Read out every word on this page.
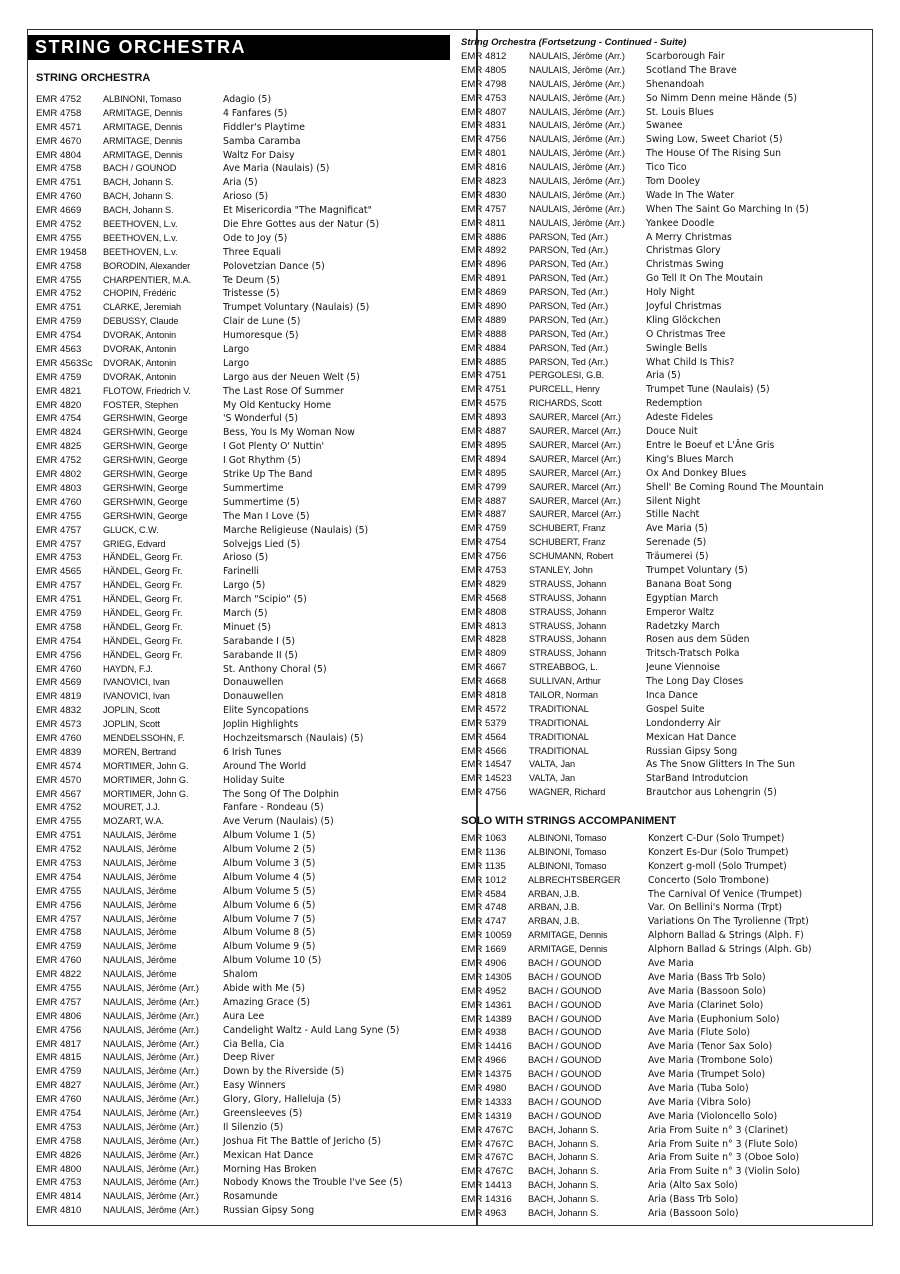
STRING ORCHESTRA
STRING ORCHESTRA
EMR 4752	ALBINONI, Tomaso	Adagio (5)
EMR 4758	ARMITAGE, Dennis	4 Fanfares (5)
EMR 4571	ARMITAGE, Dennis	Fiddler's Playtime
EMR 4670	ARMITAGE, Dennis	Samba Caramba
EMR 4804	ARMITAGE, Dennis	Waltz For Daisy
EMR 4758	BACH / GOUNOD	Ave Maria (Naulais) (5)
EMR 4751	BACH, Johann S.	Aria (5)
EMR 4760	BACH, Johann S.	Arioso (5)
EMR 4669	BACH, Johann S.	Et Misericordia "The Magnificat"
EMR 4752	BEETHOVEN, L.v.	Die Ehre Gottes aus der Natur (5)
EMR 4755	BEETHOVEN, L.v.	Ode to Joy (5)
EMR 19458	BEETHOVEN, L.v.	Three Equali
EMR 4758	BORODIN, Alexander	Polovetzian Dance (5)
EMR 4755	CHARPENTIER, M.A.	Te Deum (5)
EMR 4752	CHOPIN, Frédéric	Tristesse (5)
EMR 4751	CLARKE, Jeremiah	Trumpet Voluntary (Naulais) (5)
EMR 4759	DEBUSSY, Claude	Clair de Lune (5)
EMR 4754	DVORAK, Antonin	Humoresque (5)
EMR 4563	DVORAK, Antonin	Largo
EMR 4563Sc	DVORAK, Antonin	Largo
EMR 4759	DVORAK, Antonin	Largo aus der Neuen Welt (5)
EMR 4821	FLOTOW, Friedrich V.	The Last Rose Of Summer
EMR 4820	FOSTER, Stephen	My Old Kentucky Home
EMR 4754	GERSHWIN, George	'S Wonderful (5)
EMR 4824	GERSHWIN, George	Bess, You Is My Woman Now
EMR 4825	GERSHWIN, George	I Got Plenty O' Nuttin'
EMR 4752	GERSHWIN, George	I Got Rhythm (5)
EMR 4802	GERSHWIN, George	Strike Up The Band
EMR 4803	GERSHWIN, George	Summertime
EMR 4760	GERSHWIN, George	Summertime (5)
EMR 4755	GERSHWIN, George	The Man I Love (5)
EMR 4757	GLUCK, C.W.	Marche Religieuse (Naulais) (5)
EMR 4757	GRIEG, Edvard	Solvejgs Lied (5)
EMR 4753	HÄNDEL, Georg Fr.	Arioso (5)
EMR 4565	HÄNDEL, Georg Fr.	Farinelli
EMR 4757	HÄNDEL, Georg Fr.	Largo (5)
EMR 4751	HÄNDEL, Georg Fr.	March "Scipio" (5)
EMR 4759	HÄNDEL, Georg Fr.	March (5)
EMR 4758	HÄNDEL, Georg Fr.	Minuet (5)
EMR 4754	HÄNDEL, Georg Fr.	Sarabande I (5)
EMR 4756	HÄNDEL, Georg Fr.	Sarabande II (5)
EMR 4760	HAYDN, F.J.	St. Anthony Choral (5)
EMR 4569	IVANOVICI, Ivan	Donauwellen
EMR 4819	IVANOVICI, Ivan	Donauwellen
EMR 4832	JOPLIN, Scott	Elite Syncopations
EMR 4573	JOPLIN, Scott	Joplin Highlights
EMR 4760	MENDELSSOHN, F.	Hochzeitsmarsch (Naulais) (5)
EMR 4839	MOREN, Bertrand	6 Irish Tunes
EMR 4574	MORTIMER, John G.	Around The World
EMR 4570	MORTIMER, John G.	Holiday Suite
EMR 4567	MORTIMER, John G.	The Song Of The Dolphin
EMR 4752	MOURET, J.J.	Fanfare - Rondeau (5)
EMR 4755	MOZART, W.A.	Ave Verum (Naulais) (5)
EMR 4751	NAULAIS, Jérôme	Album Volume 1 (5)
EMR 4752	NAULAIS, Jérôme	Album Volume 2 (5)
EMR 4753	NAULAIS, Jérôme	Album Volume 3 (5)
EMR 4754	NAULAIS, Jérôme	Album Volume 4 (5)
EMR 4755	NAULAIS, Jérôme	Album Volume 5 (5)
EMR 4756	NAULAIS, Jérôme	Album Volume 6 (5)
EMR 4757	NAULAIS, Jérôme	Album Volume 7 (5)
EMR 4758	NAULAIS, Jérôme	Album Volume 8 (5)
EMR 4759	NAULAIS, Jérôme	Album Volume 9 (5)
EMR 4760	NAULAIS, Jérôme	Album Volume 10 (5)
EMR 4822	NAULAIS, Jérôme	Shalom
EMR 4755	NAULAIS, Jérôme (Arr.)	Abide with Me (5)
EMR 4757	NAULAIS, Jérôme (Arr.)	Amazing Grace (5)
EMR 4806	NAULAIS, Jérôme (Arr.)	Aura Lee
EMR 4756	NAULAIS, Jérôme (Arr.)	Candelight Waltz - Auld Lang Syne (5)
EMR 4817	NAULAIS, Jérôme (Arr.)	Cia Bella, Cia
EMR 4815	NAULAIS, Jérôme (Arr.)	Deep River
EMR 4759	NAULAIS, Jérôme (Arr.)	Down by the Riverside (5)
EMR 4827	NAULAIS, Jérôme (Arr.)	Easy Winners
EMR 4760	NAULAIS, Jérôme (Arr.)	Glory, Glory, Halleluja (5)
EMR 4754	NAULAIS, Jérôme (Arr.)	Greensleeves (5)
EMR 4753	NAULAIS, Jérôme (Arr.)	Il Silenzio (5)
EMR 4758	NAULAIS, Jérôme (Arr.)	Joshua Fit The Battle of Jericho (5)
EMR 4826	NAULAIS, Jérôme (Arr.)	Mexican Hat Dance
EMR 4800	NAULAIS, Jérôme (Arr.)	Morning Has Broken
EMR 4753	NAULAIS, Jérôme (Arr.)	Nobody Knows the Trouble I've See (5)
EMR 4814	NAULAIS, Jérôme (Arr.)	Rosamunde
EMR 4810	NAULAIS, Jérôme (Arr.)	Russian Gipsy Song
String Orchestra (Fortsetzung - Continued - Suite)
EMR 4812	NAULAIS, Jérôme (Arr.)	Scarborough Fair
EMR 4805	NAULAIS, Jérôme (Arr.)	Scotland The Brave
EMR 4798	NAULAIS, Jérôme (Arr.)	Shenandoah
EMR 4753	NAULAIS, Jérôme (Arr.)	So Nimm Denn meine Hände (5)
EMR 4807	NAULAIS, Jérôme (Arr.)	St. Louis Blues
EMR 4831	NAULAIS, Jérôme (Arr.)	Swanee
EMR 4756	NAULAIS, Jérôme (Arr.)	Swing Low, Sweet Chariot (5)
EMR 4801	NAULAIS, Jérôme (Arr.)	The House Of The Rising Sun
EMR 4816	NAULAIS, Jérôme (Arr.)	Tico Tico
EMR 4823	NAULAIS, Jérôme (Arr.)	Tom Dooley
EMR 4830	NAULAIS, Jérôme (Arr.)	Wade In The Water
EMR 4757	NAULAIS, Jérôme (Arr.)	When The Saint Go Marching In (5)
EMR 4811	NAULAIS, Jérôme (Arr.)	Yankee Doodle
EMR 4886	PARSON, Ted (Arr.)	A Merry Christmas
EMR 4892	PARSON, Ted (Arr.)	Christmas Glory
EMR 4896	PARSON, Ted (Arr.)	Christmas Swing
EMR 4891	PARSON, Ted (Arr.)	Go Tell It On The Moutain
EMR 4869	PARSON, Ted (Arr.)	Holy Night
EMR 4890	PARSON, Ted (Arr.)	Joyful Christmas
EMR 4889	PARSON, Ted (Arr.)	Kling Glöckchen
EMR 4888	PARSON, Ted (Arr.)	O Christmas Tree
EMR 4884	PARSON, Ted (Arr.)	Swingle Bells
EMR 4885	PARSON, Ted (Arr.)	What Child Is This?
EMR 4751	PERGOLESI, G.B.	Aria (5)
EMR 4751	PURCELL, Henry	Trumpet Tune (Naulais) (5)
EMR 4575	RICHARDS, Scott	Redemption
EMR 4893	SAURER, Marcel (Arr.)	Adeste Fideles
EMR 4887	SAURER, Marcel (Arr.)	Douce Nuit
EMR 4895	SAURER, Marcel (Arr.)	Entre le Boeuf et L'Âne Gris
EMR 4894	SAURER, Marcel (Arr.)	King's Blues March
EMR 4895	SAURER, Marcel (Arr.)	Ox And Donkey Blues
EMR 4799	SAURER, Marcel (Arr.)	Shell' Be Coming Round The Mountain
EMR 4887	SAURER, Marcel (Arr.)	Silent Night
EMR 4887	SAURER, Marcel (Arr.)	Stille Nacht
EMR 4759	SCHUBERT, Franz	Ave Maria (5)
EMR 4754	SCHUBERT, Franz	Serenade (5)
EMR 4756	SCHUMANN, Robert	Träumerei (5)
EMR 4753	STANLEY, John	Trumpet Voluntary (5)
EMR 4829	STRAUSS, Johann	Banana Boat Song
EMR 4568	STRAUSS, Johann	Egyptian March
EMR 4808	STRAUSS, Johann	Emperor Waltz
EMR 4813	STRAUSS, Johann	Radetzky March
EMR 4828	STRAUSS, Johann	Rosen aus dem Süden
EMR 4809	STRAUSS, Johann	Tritsch-Tratsch Polka
EMR 4667	STREABBOG, L.	Jeune Viennoise
EMR 4668	SULLIVAN, Arthur	The Long Day Closes
EMR 4818	TAILOR, Norman	Inca Dance
EMR 4572	TRADITIONAL	Gospel Suite
EMR 5379	TRADITIONAL	Londonderry Air
EMR 4564	TRADITIONAL	Mexican Hat Dance
EMR 4566	TRADITIONAL	Russian Gipsy Song
EMR 14547	VALTA, Jan	As The Snow Glitters In The Sun
EMR 14523	VALTA, Jan	StarBand Introdutcion
EMR 4756	WAGNER, Richard	Brautchor aus Lohengrin (5)
SOLO WITH STRINGS ACCOMPANIMENT
EMR 1063	ALBINONI, Tomaso	Konzert C-Dur (Solo Trumpet)
EMR 1136	ALBINONI, Tomaso	Konzert Es-Dur (Solo Trumpet)
EMR 1135	ALBINONI, Tomaso	Konzert g-moll (Solo Trumpet)
EMR 1012	ALBRECHTSBERGER	Concerto (Solo Trombone)
EMR 4584	ARBAN, J.B.	The Carnival Of Venice (Trumpet)
EMR 4748	ARBAN, J.B.	Var. On Bellini's Norma (Trpt)
EMR 4747	ARBAN, J.B.	Variations On The Tyrolienne (Trpt)
EMR 10059	ARMITAGE, Dennis	Alphorn Ballad & Strings (Alph. F)
EMR 1669	ARMITAGE, Dennis	Alphorn Ballad & Strings (Alph. Gb)
EMR 4906	BACH / GOUNOD	Ave Maria
EMR 14305	BACH / GOUNOD	Ave Maria (Bass Trb Solo)
EMR 4952	BACH / GOUNOD	Ave Maria (Bassoon Solo)
EMR 14361	BACH / GOUNOD	Ave Maria (Clarinet Solo)
EMR 14389	BACH / GOUNOD	Ave Maria (Euphonium Solo)
EMR 4938	BACH / GOUNOD	Ave Maria (Flute Solo)
EMR 14416	BACH / GOUNOD	Ave Maria (Tenor Sax Solo)
EMR 4966	BACH / GOUNOD	Ave Maria (Trombone Solo)
EMR 14375	BACH / GOUNOD	Ave Maria (Trumpet Solo)
EMR 4980	BACH / GOUNOD	Ave Maria (Tuba Solo)
EMR 14333	BACH / GOUNOD	Ave Maria (Vibra Solo)
EMR 14319	BACH / GOUNOD	Ave Maria (Violoncello Solo)
EMR 4767C	BACH, Johann S.	Aria From Suite n° 3 (Clarinet)
EMR 4767C	BACH, Johann S.	Aria From Suite n° 3 (Flute Solo)
EMR 4767C	BACH, Johann S.	Aria From Suite n° 3 (Oboe Solo)
EMR 4767C	BACH, Johann S.	Aria From Suite n° 3 (Violin Solo)
EMR 14413	BACH, Johann S.	Aria (Alto Sax Solo)
EMR 14316	BACH, Johann S.	Aria (Bass Trb Solo)
EMR 4963	BACH, Johann S.	Aria (Bassoon Solo)
